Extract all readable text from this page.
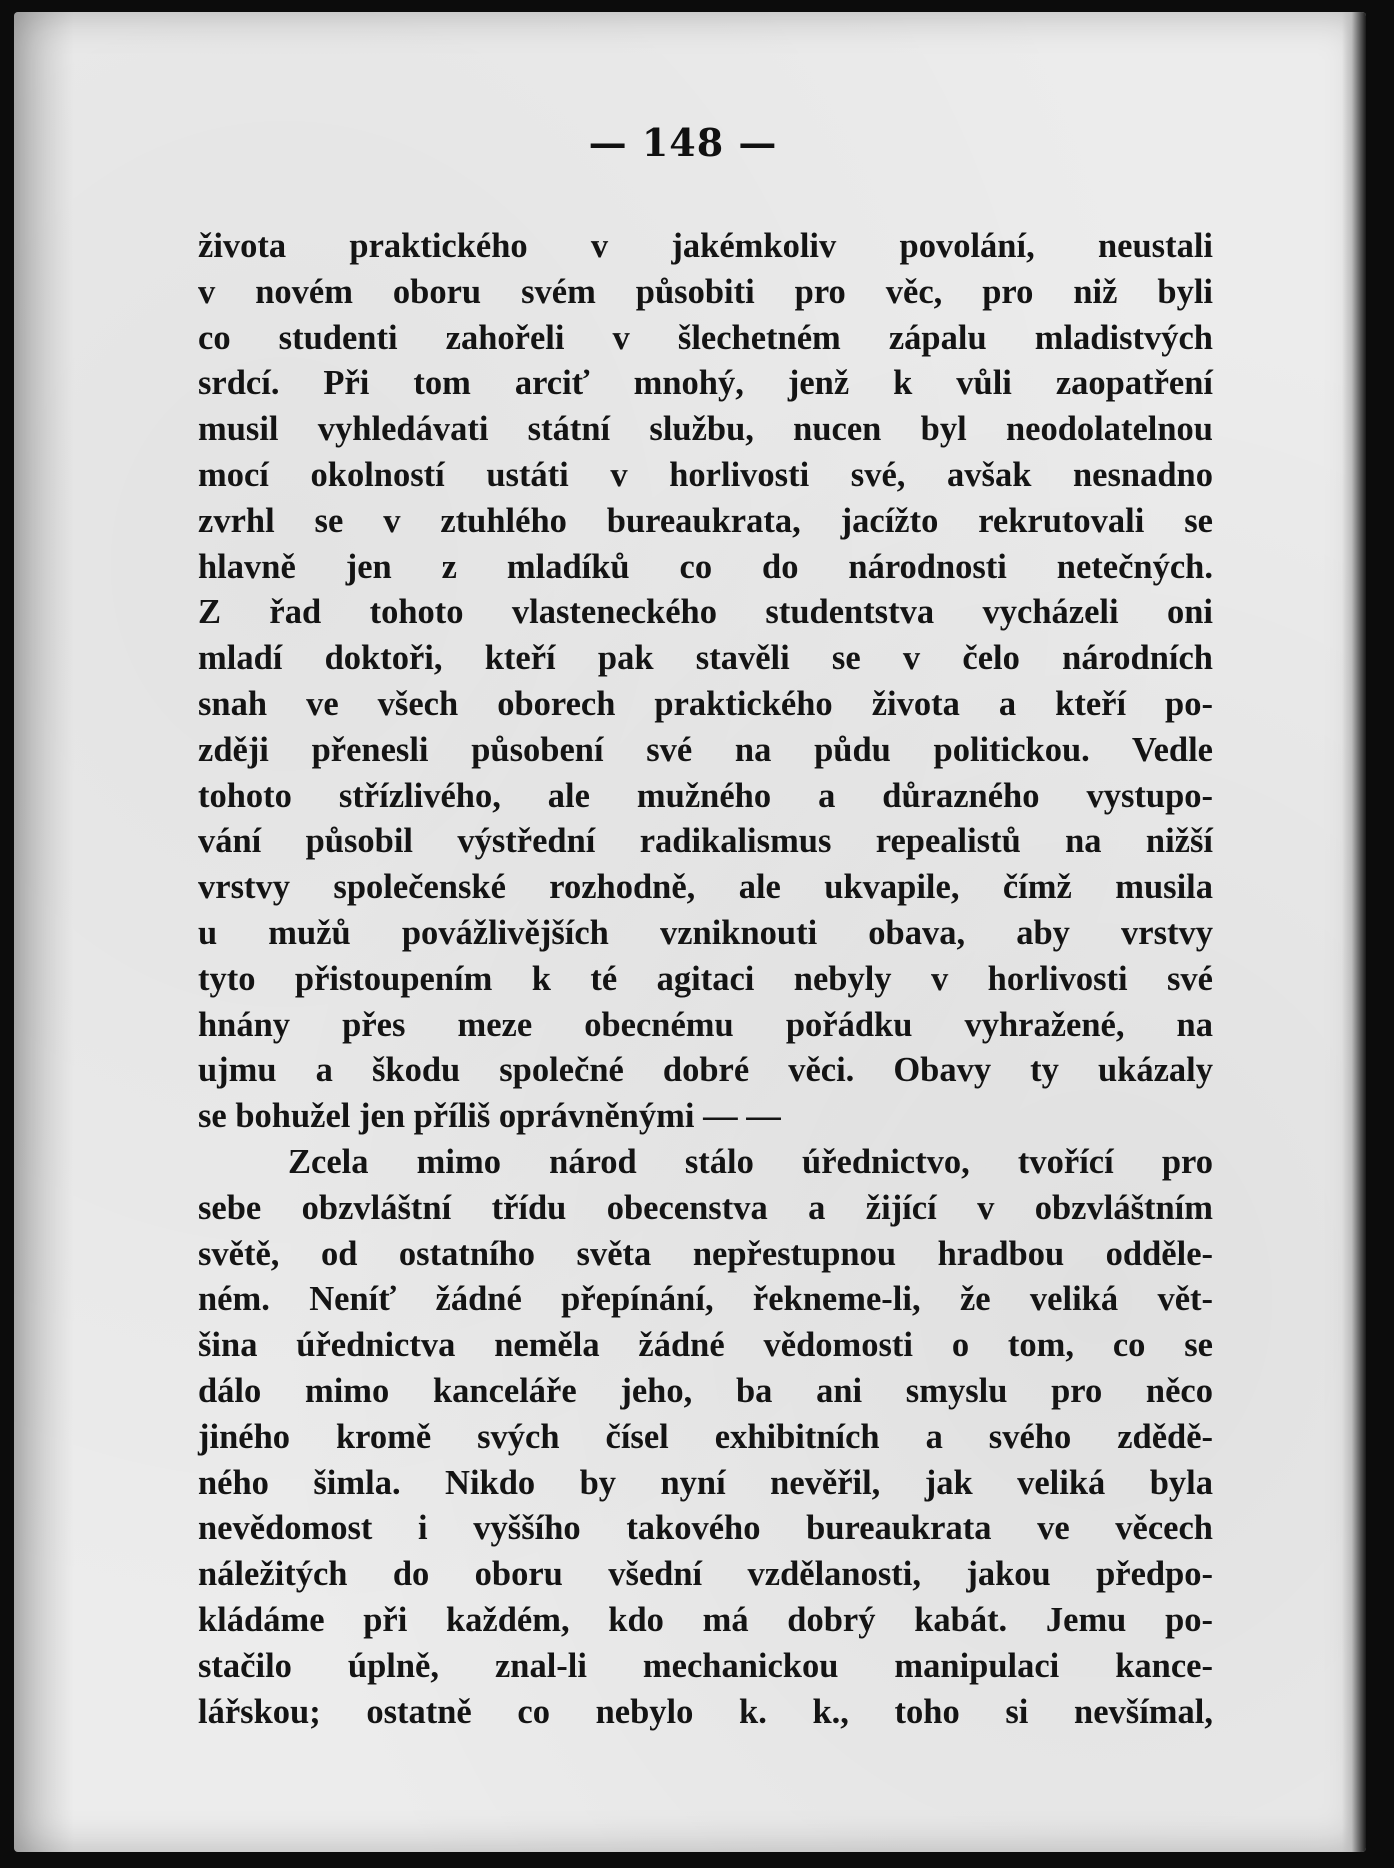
— 148 —
života praktického v jakémkoliv povolání, neustali
v novém oboru svém působiti pro věc, pro niž byli
co studenti zahořeli v šlechetném zápalu mladistvých
srdcí. Při tom arciť mnohý, jenž k vůli zaopatření
musil vyhledávati státní službu, nucen byl neodolatelnou
mocí okolností ustáti v horlivosti své, avšak nesnadno
zvrhl se v ztuhlého bureaukrata, jacížto rekrutovali se
hlavně jen z mladíků co do národnosti netečných.
Z řad tohoto vlasteneckého studentstva vycházeli oni
mladí doktoři, kteří pak stavěli se v čelo národních
snah ve všech oborech praktického života a kteří po-
zději přenesli působení své na půdu politickou. Vedle
tohoto střízlivého, ale mužného a důrazného vystupo-
vání působil výstřední radikalismus repealistů na nižší
vrstvy společenské rozhodně, ale ukvapile, čímž musila
u mužů povážlivějších vzniknouti obava, aby vrstvy
tyto přistoupením k té agitaci nebyly v horlivosti své
hnány přes meze obecnému pořádku vyhražené, na
ujmu a škodu společné dobré věci. Obavy ty ukázaly
se bohužel jen příliš oprávněnými — —
Zcela mimo národ stálo úřednictvo, tvořící pro
sebe obzvláštní třídu obecenstva a žijící v obzvláštním
světě, od ostatního světa nepřestupnou hradbou odděle-
ném. Neníť žádné přepínání, řekneme-li, že veliká vět-
šina úřednictva neměla žádné vědomosti o tom, co se
dálo mimo kanceláře jeho, ba ani smyslu pro něco
jiného kromě svých čísel exhibitních a svého zdědě-
ného šimla. Nikdo by nyní nevěřil, jak veliká byla
nevědomost i vyššího takového bureaukrata ve věcech
náležitých do oboru všední vzdělanosti, jakou předpo-
kládáme při každém, kdo má dobrý kabát. Jemu po-
stačilo úplně, znal-li mechanickou manipulaci kance-
lářskou; ostatně co nebylo k. k., toho si nevšímal,
